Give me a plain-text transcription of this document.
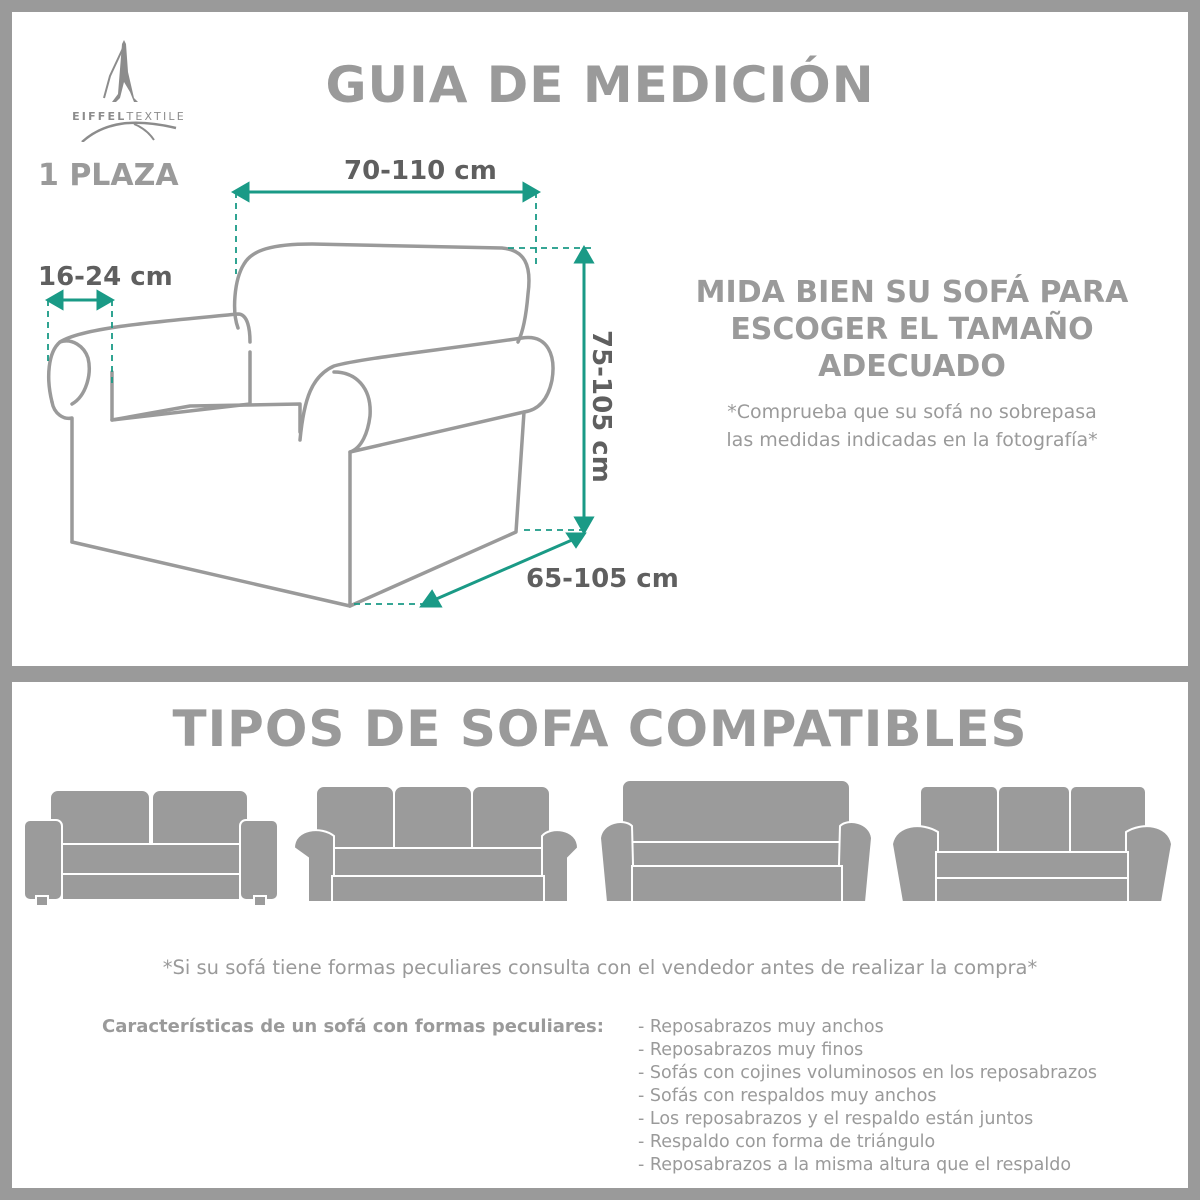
EIFFELTEXTILE
GUIA DE MEDICIÓN
1 PLAZA	70-110 cm
16-24 cm
65-105 cm
75-105 cm
MIDA BIEN SU SOFÁ PARA
ESCOGER EL TAMAÑO
ADECUADO
*Comprueba que su sofá no sobrepasa
las medidas indicadas en la fotografía*
TIPOS DE SOFA COMPATIBLES
*Si su sofá tiene formas peculiares consulta con el vendedor antes de realizar la compra*
Características de un sofá con formas peculiares:
-	Reposabrazos muy anchos
- Reposabrazos muy finos
- Sofás con cojines voluminosos en los reposabrazos
- Sofás con respaldos muy anchos
- Los reposabrazos y el respaldo están juntos
- Respaldo con forma de triángulo
- Reposabrazos a la misma altura que el respaldo
